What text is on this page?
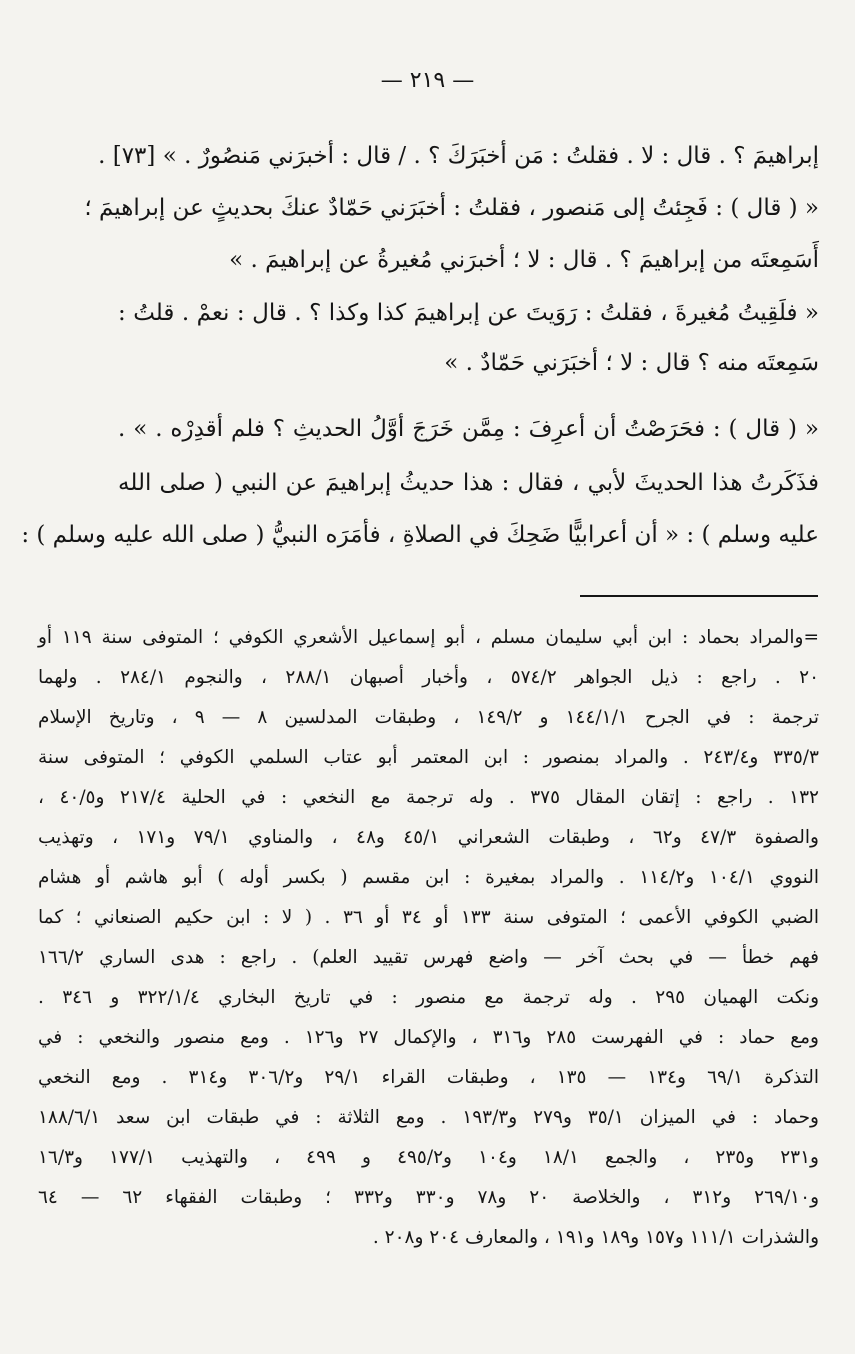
— ٢١٩ —
إبراهيمَ ؟ . قال : لا . فقلتُ : مَن أخبَرَكَ ؟ . / قال : أخبرَني مَنصُورٌ . » [٧٣] .
« ( قال ) : فَجِئتُ إلى مَنصور ، فقلتُ : أخبَرَني حَمّادٌ عنكَ بحديثٍ عن إبراهيمَ ؛
أَسَمِعتَه من إبراهيمَ ؟ . قال : لا ؛ أخبرَني مُغيرةُ عن إبراهيمَ . »
« فلَقِيتُ مُغيرةَ ، فقلتُ : رَوَيتَ عن إبراهيمَ كذا وكذا ؟ . قال : نعمْ . قلتُ :
سَمِعتَه منه ؟ قال : لا ؛ أخبَرَني حَمّادٌ . »
« ( قال ) : فحَرَصْتُ أن أعرِفَ : مِمَّن خَرَجَ أوَّلُ الحديثِ ؟ فلم أقدِرْه . » .
فذَكَرتُ هذا الحديثَ لأبي ، فقال : هذا حديثُ إبراهيمَ عن النبي ( صلى الله
عليه وسلم ) : « أن أعرابيًّا ضَحِكَ في الصلاةِ ، فأمَرَه النبيُّ ( صلى الله عليه وسلم ) :
=والمراد بحماد : ابن أبي سليمان مسلم ، أبو إسماعيل الأشعري الكوفي ؛ المتوفى سنة ١١٩ أو
٢٠ . راجع : ذيل الجواهر ٥٧٤/٢ ، وأخبار أصبهان ٢٨٨/١ ، والنجوم ٢٨٤/١ . ولهما
ترجمة : في الجرح ١٤٤/١/١ و ١٤٩/٢ ، وطبقات المدلسين ٨ — ٩ ، وتاريخ الإسلام
٣٣٥/٣ و٢٤٣/٤ . والمراد بمنصور : ابن المعتمر أبو عتاب السلمي الكوفي ؛ المتوفى سنة
١٣٢ . راجع : إتقان المقال ٣٧٥ . وله ترجمة مع النخعي : في الحلية ٢١٧/٤ و٤٠/٥ ،
والصفوة ٤٧/٣ و٦٢ ، وطبقات الشعراني ٤٥/١ و٤٨ ، والمناوي ٧٩/١ و١٧١ ، وتهذيب
النووي ١٠٤/١ و١١٤/٢ . والمراد بمغيرة : ابن مقسم ( بكسر أوله ) أبو هاشم أو هشام
الضبي الكوفي الأعمى ؛ المتوفى سنة ١٣٣ أو ٣٤ أو ٣٦ . ( لا : ابن حكيم الصنعاني ؛ كما
فهم خطأ — في بحث آخر — واضع فهرس تقييد العلم) . راجع : هدى الساري ١٦٦/٢
ونكت الهميان ٢٩٥ . وله ترجمة مع منصور : في تاريخ البخاري ٣٢٢/١/٤ و ٣٤٦ .
ومع حماد : في الفهرست ٢٨٥ و٣١٦ ، والإكمال ٢٧ و١٢٦ . ومع منصور والنخعي : في
التذكرة ٦٩/١ و١٣٤ — ١٣٥ ، وطبقات القراء ٢٩/١ و٣٠٦/٢ و٣١٤ . ومع النخعي
وحماد : في الميزان ٣٥/١ و٢٧٩ و١٩٣/٣ . ومع الثلاثة : في طبقات ابن سعد ١٨٨/٦/١
و٢٣١ و٢٣٥ ، والجمع ١٨/١ و١٠٤ و٤٩٥/٢ و ٤٩٩ ، والتهذيب ١٧٧/١ و١٦/٣
و٢٦٩/١٠ و٣١٢ ، والخلاصة ٢٠ و٧٨ و٣٣٠ و٣٣٢ ؛ وطبقات الفقهاء ٦٢ — ٦٤
والشذرات ١١١/١ و١٥٧ و١٨٩ و١٩١ ، والمعارف ٢٠٤ و٢٠٨ .
